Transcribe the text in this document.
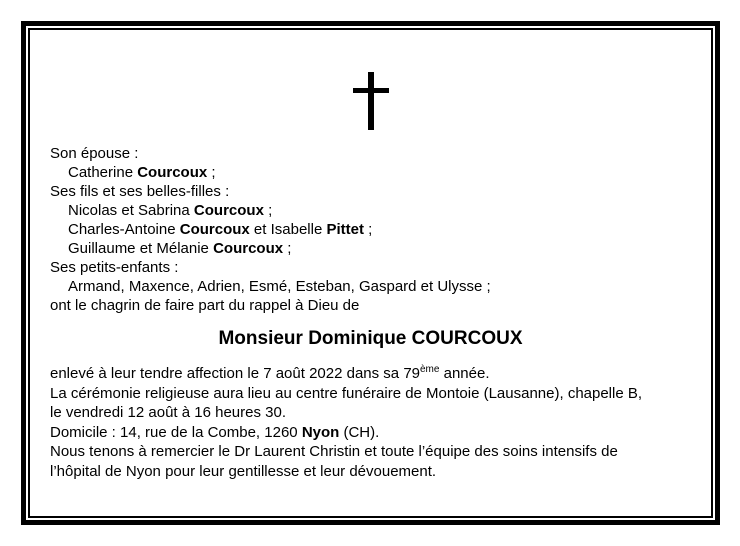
Son épouse :

Catherine Courcoux ;

Ses fils et ses belles-filles :

Nicolas et Sabrina Courcoux ;

Charles-Antoine Courcoux et Isabelle Pittet ;

Guillaume et Mélanie Courcoux ;

Ses petits-enfants :

Armand, Maxence, Adrien, Esmé, Esteban, Gaspard et Ulysse ;

ont le chagrin de faire part du rappel à Dieu de

Monsieur Dominique COURCOUX

enlevé à leur tendre affection le 7 août 2022 dans sa 79ème année.

La cérémonie religieuse aura lieu au centre funéraire de Montoie (Lausanne), chapelle B,

le vendredi 12 août à 16 heures 30.

Domicile : 14, rue de la Combe, 1260 Nyon (CH).

Nous tenons à remercier le Dr Laurent Christin et toute l’équipe des soins intensifs de

l’hôpital de Nyon pour leur gentillesse et leur dévouement.
